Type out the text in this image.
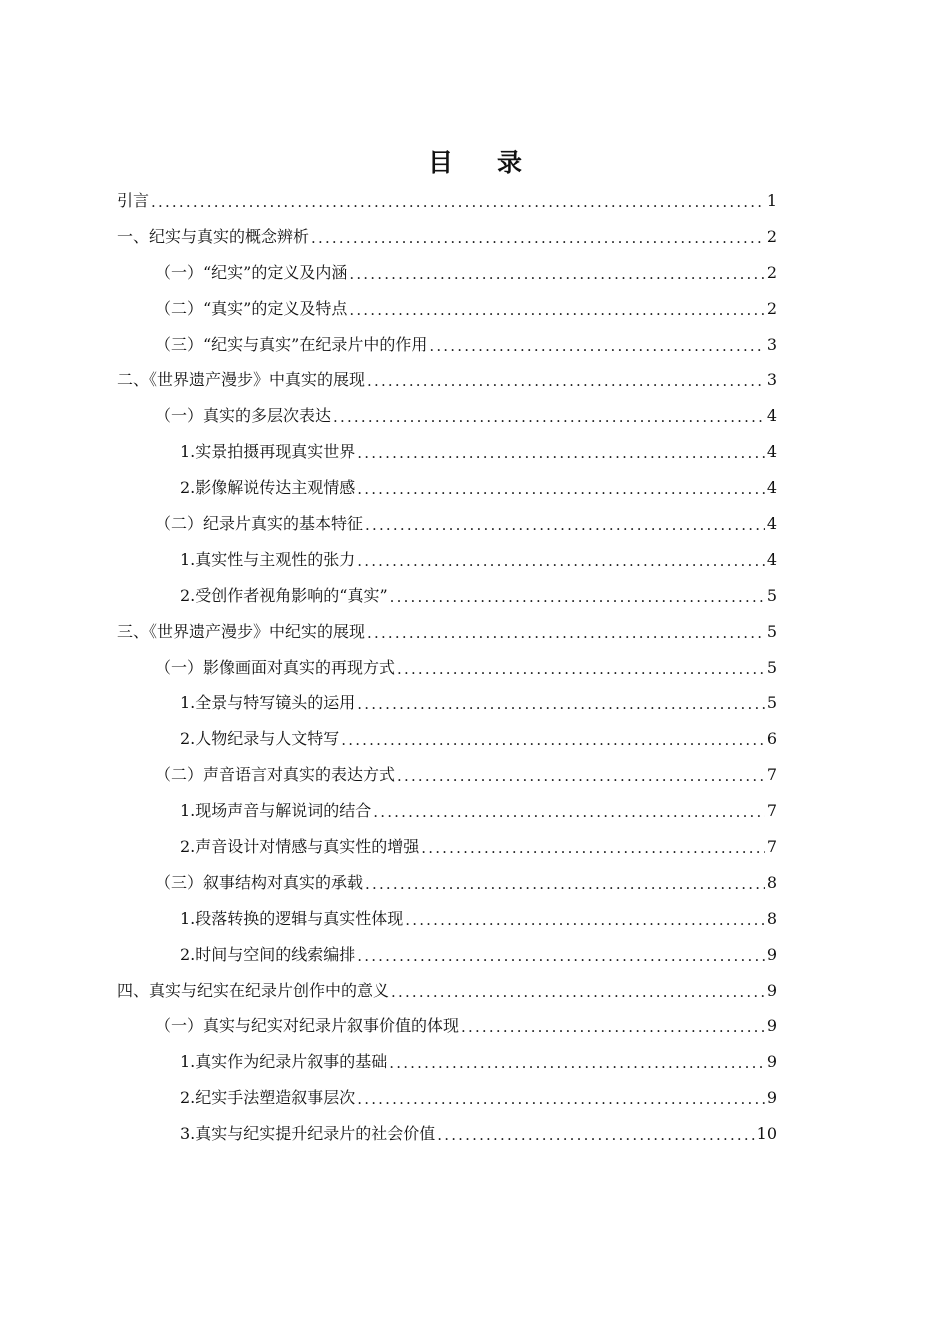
目 录
引言 .....	1
一、纪实与真实的概念辨析 .....	2
（一）“纪实”的定义及内涵 .....	2
（二）“真实”的定义及特点 .....	2
（三）“纪实与真实”在纪录片中的作用 .....	3
二、《世界遗产漫步》中真实的展现 .....	3
（一）真实的多层次表达 .....	4
1.实景拍摄再现真实世界 .....	4
2.影像解说传达主观情感 .....	4
（二）纪录片真实的基本特征 .....	4
1.真实性与主观性的张力 .....	4
2.受创作者视角影响的“真实” .....	5
三、《世界遗产漫步》中纪实的展现 .....	5
（一）影像画面对真实的再现方式 .....	5
1.全景与特写镜头的运用 .....	5
2.人物纪录与人文特写 .....	6
（二）声音语言对真实的表达方式 .....	7
1.现场声音与解说词的结合 .....	7
2.声音设计对情感与真实性的增强 .....	7
（三）叙事结构对真实的承载 .....	8
1.段落转换的逻辑与真实性体现 .....	8
2.时间与空间的线索编排 .....	9
四、真实与纪实在纪录片创作中的意义 .....	9
（一）真实与纪实对纪录片叙事价值的体现 .....	9
1.真实作为纪录片叙事的基础 .....	9
2.纪实手法塑造叙事层次 .....	9
3.真实与纪实提升纪录片的社会价值 .....	10
